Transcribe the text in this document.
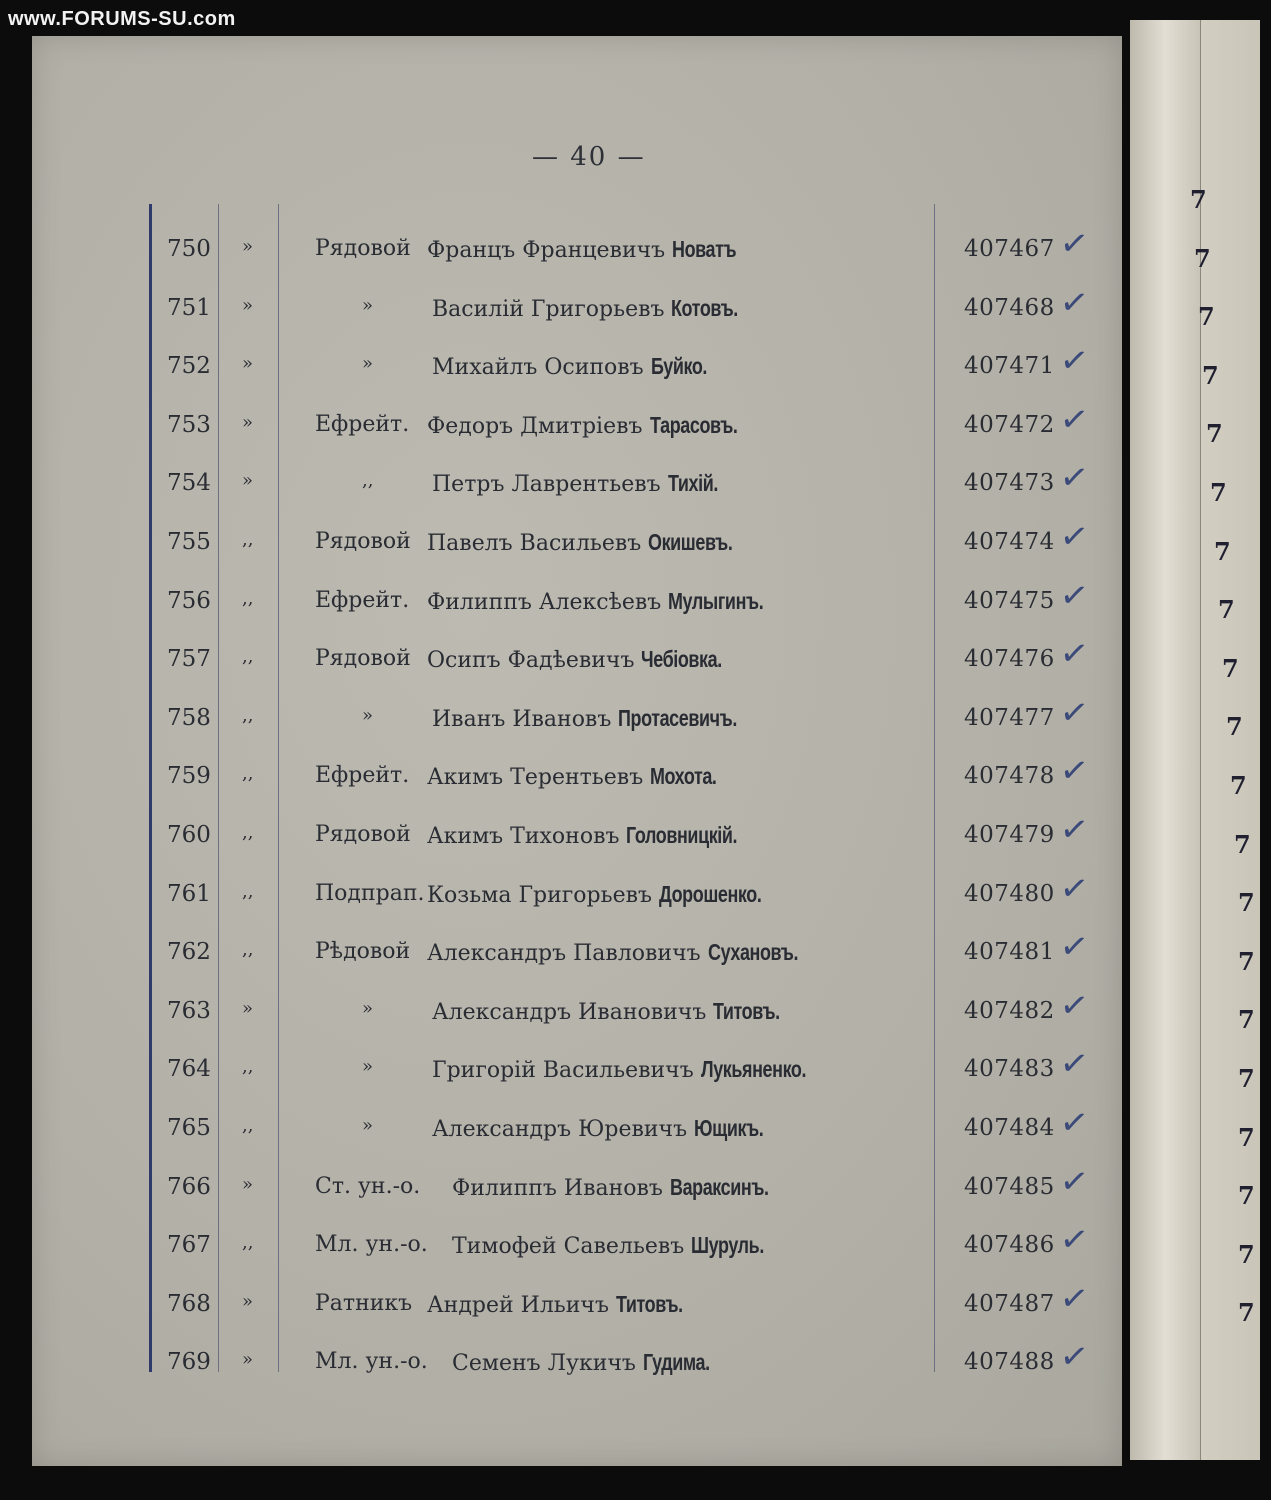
www.FORUMS-SU.com
7
7
7
7
7
7
7
7
7
7
7
7
7
7
7
7
7
7
7
7
— 40 —
750 »	Рядовой Францъ Францевичъ Новатъ	407467 ✓
751 »	»	Василій Григорьевъ Котовъ.	407468 ✓
752 »	»	Михайлъ Осиповъ Буйко.	407471 ✓
753 »	Ефрейт. Федоръ Дмитріевъ Тарасовъ.	407472 ✓
754 »	,,	Петръ Лаврентьевъ Тихій.	407473 ✓
755 ,,	Рядовой Павелъ Васильевъ Окишевъ.	407474 ✓
756 ,,	Ефрейт. Филиппъ Алексѣевъ Мулыгинъ.	407475 ✓
757 ,,	Рядовой Осипъ Фадѣевичъ Чебіовка.	407476 ✓
758 ,,	»	Иванъ Ивановъ Протасевичъ.	407477 ✓
759 ,,	Ефрейт. Акимъ Терентьевъ Мохота.	407478 ✓
760 ,,	Рядовой Акимъ Тихоновъ Головницкій.	407479 ✓
761 ,,	Подпрап. Козьма Григорьевъ Дорошенко.	407480 ✓
762 ,,	Рѣдовой Александръ Павловичъ Сухановъ.	407481 ✓
763 »	»	Александръ Ивановичъ Титовъ.	407482 ✓
764 ,,	»	Григорій Васильевичъ Лукьяненко.	407483 ✓
765 ,,	»	Александръ Юревичъ Ющикъ.	407484 ✓
766 »	Ст. ун.-о. Филиппъ Ивановъ Вараксинъ.	407485 ✓
767 ,,	Мл. ун.-о. Тимофей Савельевъ Шуруль.	407486 ✓
768 »	Ратникъ Андрей Ильичъ Титовъ.	407487 ✓
769 »	Мл. ун.-о. Семенъ Лукичъ Гудима.	407488 ✓
